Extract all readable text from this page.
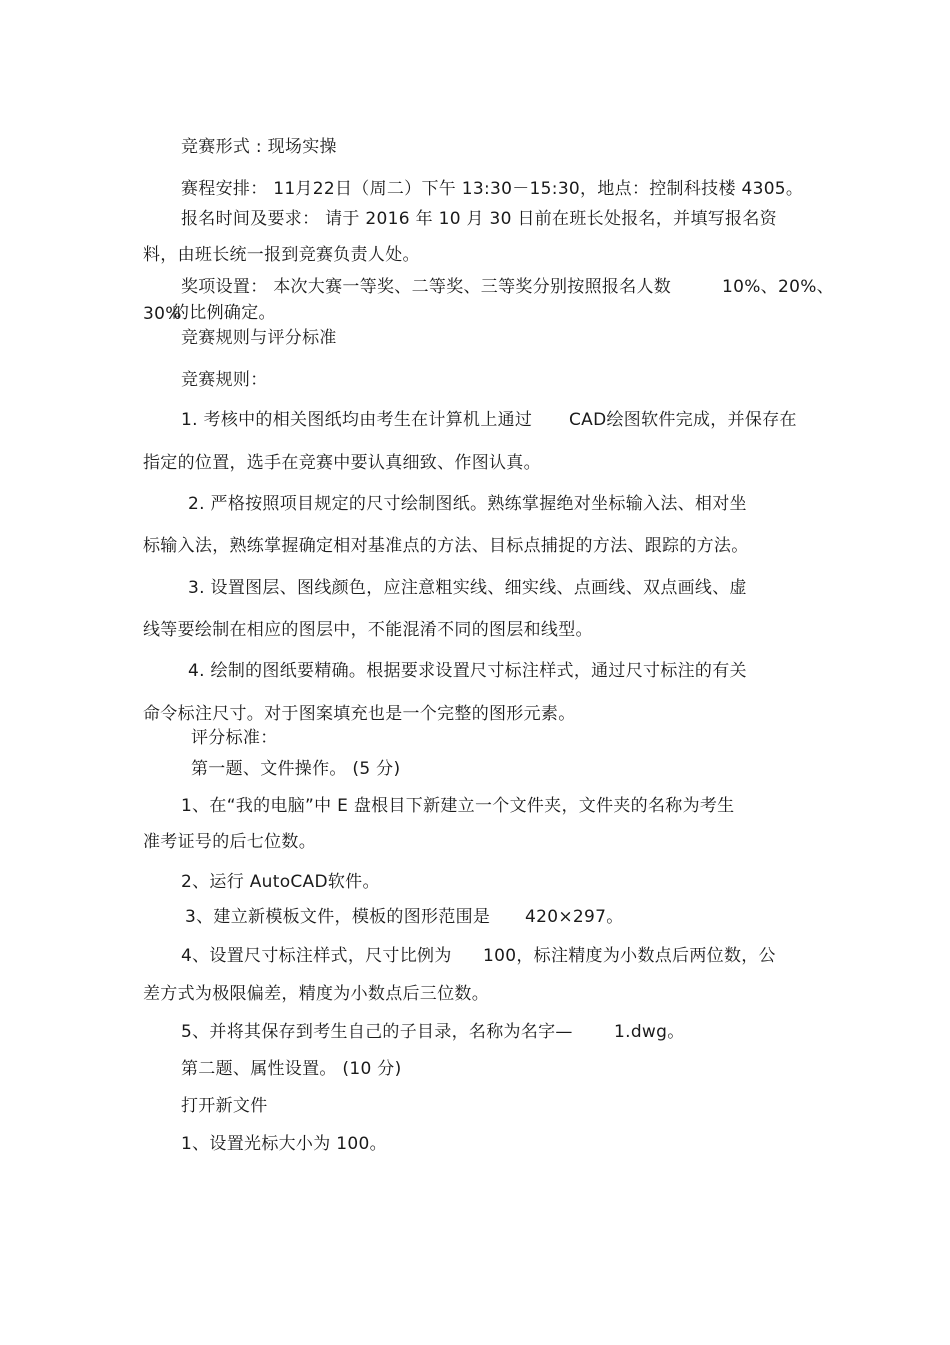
竞赛形式 : 现场实操
赛程安排： 11月22日（周二）下午 13:30－15:30，地点：控制科技楼 4305。
报名时间及要求： 请于 2016 年 10 月 30 日前在班长处报名，并填写报名资
料，由班长统一报到竞赛负责人处。
奖项设置： 本次大赛一等奖、二等奖、三等奖分别按照报名人数	10%、20%、
30%
的比例确定。
竞赛规则与评分标准
竞赛规则：
1. 考核中的相关图纸均由考生在计算机上通过 CAD绘图软件完成，并保存在
指定的位置，选手在竞赛中要认真细致、作图认真。
2. 严格按照项目规定的尺寸绘制图纸。熟练掌握绝对坐标输入法、相对坐
标输入法，熟练掌握确定相对基准点的方法、目标点捕捉的方法、跟踪的方法。
3. 设置图层、图线颜色，应注意粗实线、细实线、点画线、双点画线、虚
线等要绘制在相应的图层中，不能混淆不同的图层和线型。
4. 绘制的图纸要精确。根据要求设置尺寸标注样式，通过尺寸标注的有关
命令标注尺寸。对于图案填充也是一个完整的图形元素。
评分标准：
第一题、文件操作。 (5 分)
1、在“我的电脑”中 E 盘根目下新建立一个文件夹，文件夹的名称为考生
准考证号的后七位数。
2、运行 AutoCAD软件。
3、建立新模板文件，模板的图形范围是 420×297。
4、设置尺寸标注样式，尺寸比例为 100，标注精度为小数点后两位数，公
差方式为极限偏差，精度为小数点后三位数。
5、并将其保存到考生自己的子目录，名称为名字— 1.dwg。
第二题、属性设置。 (10 分)
打开新文件
1、设置光标大小为 100。
